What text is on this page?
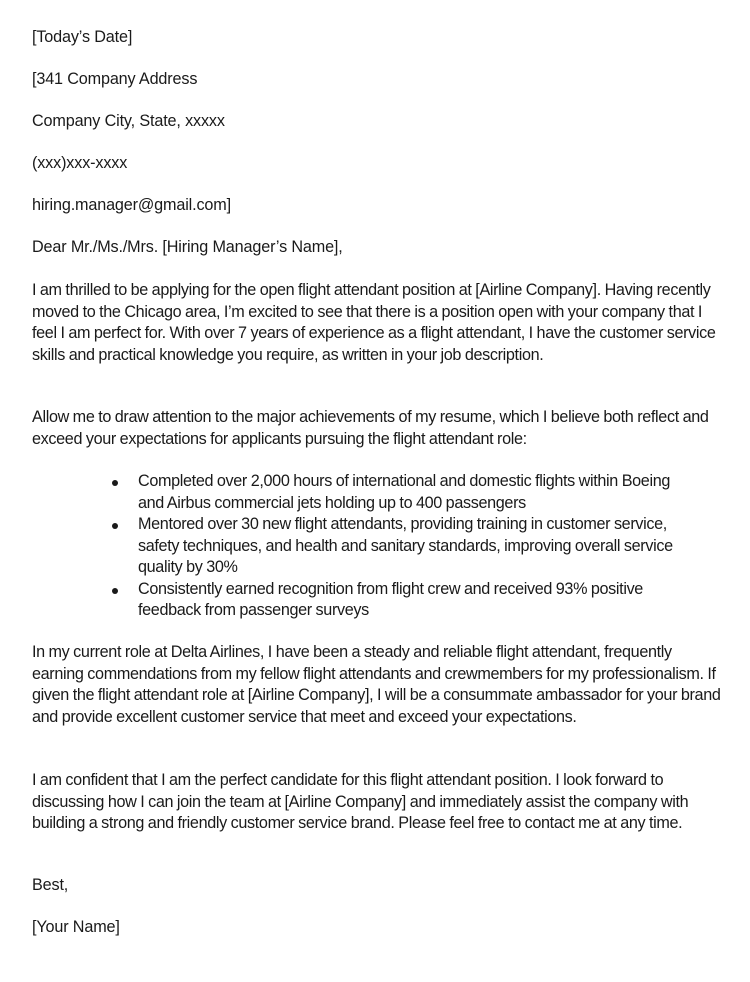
[Today’s Date]
[341 Company Address
Company City, State, xxxxx
(xxx)xxx-xxxx
hiring.manager@gmail.com]
Dear Mr./Ms./Mrs. [Hiring Manager’s Name],

I am thrilled to be applying for the open flight attendant position at [Airline Company]. Having recently moved to the Chicago area, I’m excited to see that there is a position open with your company that I feel I am perfect for. With over 7 years of experience as a flight attendant, I have the customer service skills and practical knowledge you require, as written in your job description.

Allow me to draw attention to the major achievements of my resume, which I believe both reflect and exceed your expectations for applicants pursuing the flight attendant role:

Completed over 2,000 hours of international and domestic flights within Boeing and Airbus commercial jets holding up to 400 passengers
Mentored over 30 new flight attendants, providing training in customer service, safety techniques, and health and sanitary standards, improving overall service quality by 30%
Consistently earned recognition from flight crew and received 93% positive feedback from passenger surveys

In my current role at Delta Airlines, I have been a steady and reliable flight attendant, frequently earning commendations from my fellow flight attendants and crewmembers for my professionalism. If given the flight attendant role at [Airline Company], I will be a consummate ambassador for your brand and provide excellent customer service that meet and exceed your expectations.

I am confident that I am the perfect candidate for this flight attendant position. I look forward to discussing how I can join the team at [Airline Company] and immediately assist the company with building a strong and friendly customer service brand. Please feel free to contact me at any time.

Best,
[Your Name]
